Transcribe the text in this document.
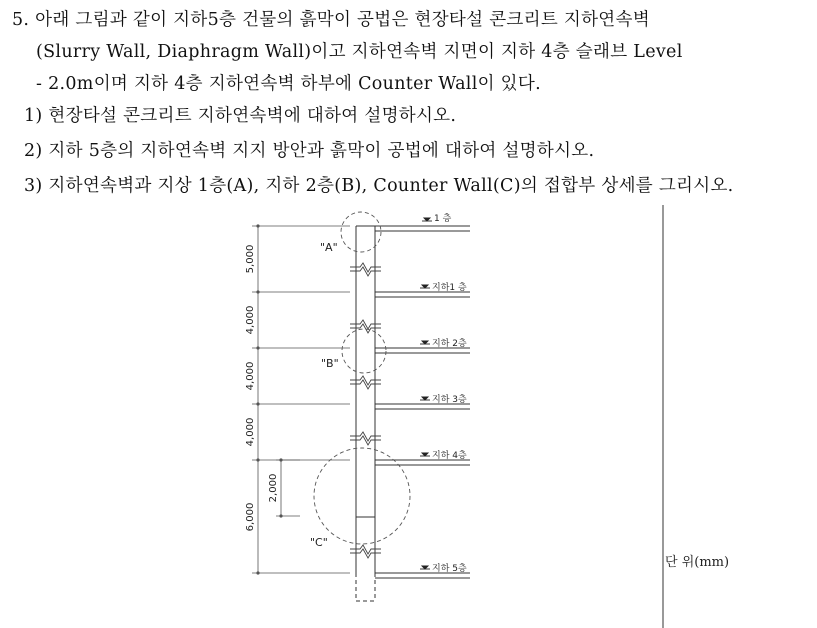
5. 아래 그림과 같이 지하5층 건물의 흙막이 공법은 현장타설 콘크리트 지하연속벽
(Slurry Wall, Diaphragm Wall)이고 지하연속벽 지면이 지하 4층 슬래브 Level
- 2.0m이며 지하 4층 지하연속벽 하부에 Counter Wall이 있다.
1) 현장타설 콘크리트 지하연속벽에 대하여 설명하시오.
2) 지하 5층의 지하연속벽 지지 방안과 흙막이 공법에 대하여 설명하시오.
3) 지하연속벽과 지상 1층(A), 지하 2층(B), Counter Wall(C)의 접합부 상세를 그리시오.
5,000
4,000
4,000
4,000
6,000
2,000
1 층
지하1 층
지하 2층
지하 3층
지하 4층
지하 5층
"A"
"B"
"C"
단 위(mm)
